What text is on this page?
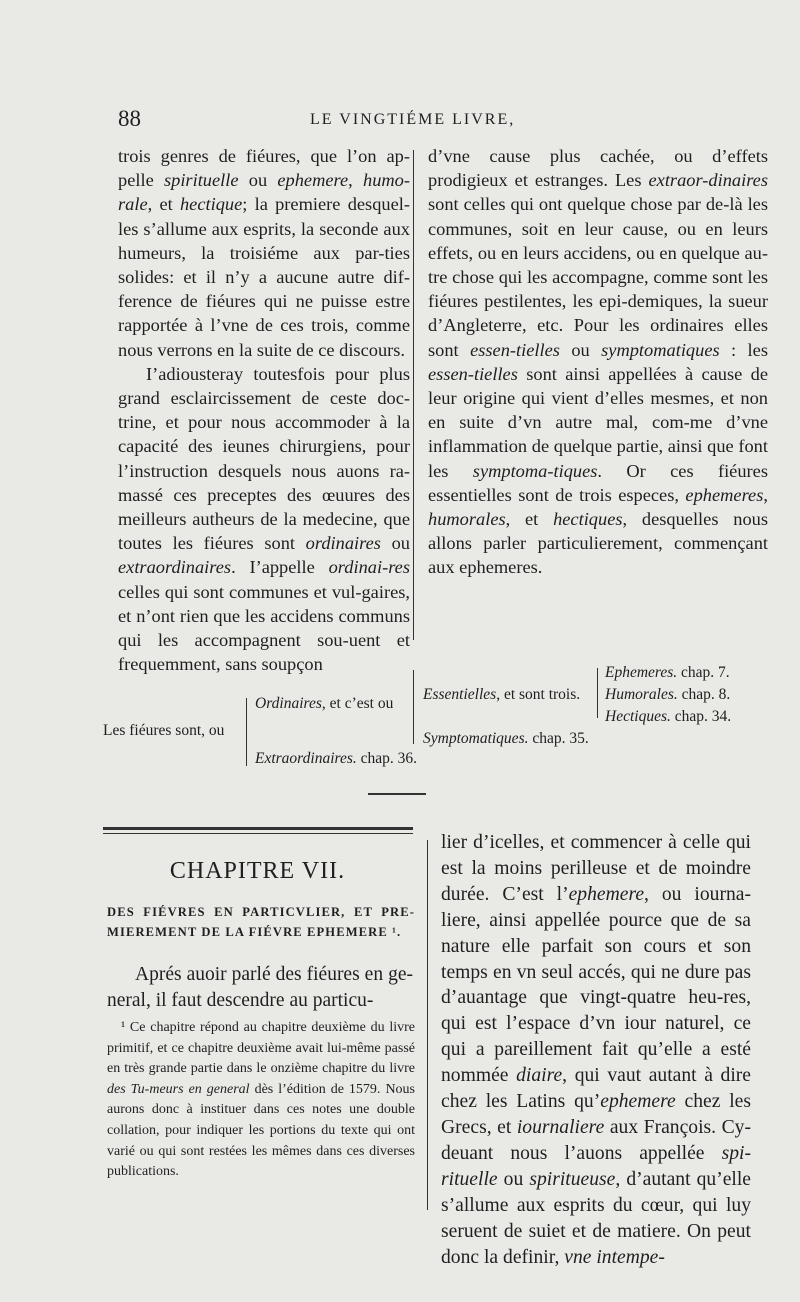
88	LE VINGTIÉME LIVRE,

trois genres de fiéures, que l’on ap-pelle spirituelle ou ephemere, humo-rale, et hectique; la premiere desquel-les s’allume aux esprits, la seconde aux humeurs, la troisiéme aux par-ties solides: et il n’y a aucune autre dif-ference de fiéures qui ne puisse estre rapportée à l’vne de ces trois, comme nous verrons en la suite de ce discours.

I’adiousteray toutesfois pour plus grand esclaircissement de ceste doc-trine, et pour nous accommoder à la capacité des ieunes chirurgiens, pour l’instruction desquels nous auons ra-massé ces preceptes des œuures des meilleurs autheurs de la medecine, que toutes les fiéures sont ordinaires ou extraordinaires. I’appelle ordinai-res celles qui sont communes et vul-gaires, et n’ont rien que les accidens communs qui les accompagnent sou-uent et frequemment, sans soupçon

d’vne cause plus cachée, ou d’effets prodigieux et estranges. Les extraor-dinaires sont celles qui ont quelque chose par de-là les communes, soit en leur cause, ou en leurs effets, ou en leurs accidens, ou en quelque au-tre chose qui les accompagne, comme sont les fiéures pestilentes, les epi-demiques, la sueur d’Angleterre, etc. Pour les ordinaires elles sont essen-tielles ou symptomatiques : les essen-tielles sont ainsi appellées à cause de leur origine qui vient d’elles mesmes, et non en suite d’vn autre mal, com-me d’vne inflammation de quelque partie, ainsi que font les symptoma-tiques. Or ces fiéures essentielles sont de trois especes, ephemeres, humorales, et hectiques, desquelles nous allons parler particulierement, commençant aux ephemeres.

Les fiéures sont, ou
Ordinaires, et c’est ou
Essentielles, et sont trois.
Ephemeres. chap. 7.
Humorales. chap. 8.
Hectiques. chap. 34.
Symptomatiques. chap. 35.
Extraordinaires. chap. 36.
CHAPITRE VII.
DES FIÉVRES EN PARTICVLIER, ET PRE-MIEREMENT DE LA FIÉVRE EPHEMERE ¹.

Aprés auoir parlé des fiéures en ge-neral, il faut descendre au particu-

¹ Ce chapitre répond au chapitre deuxième du livre primitif, et ce chapitre deuxième avait lui-même passé en très grande partie dans le onzième chapitre du livre des Tu-meurs en general dès l’édition de 1579. Nous aurons donc à instituer dans ces notes une double collation, pour indiquer les portions du texte qui ont varié ou qui sont restées les mêmes dans ces diverses publications.

lier d’icelles, et commencer à celle qui est la moins perilleuse et de moindre durée. C’est l’ephemere, ou iourna-liere, ainsi appellée pource que de sa nature elle parfait son cours et son temps en vn seul accés, qui ne dure pas d’auantage que vingt-quatre heu-res, qui est l’espace d’vn iour naturel, ce qui a pareillement fait qu’elle a esté nommée diaire, qui vaut autant à dire chez les Latins qu’ephemere chez les Grecs, et iournaliere aux François. Cy-deuant nous l’auons appellée spi-rituelle ou spiritueuse, d’autant qu’elle s’allume aux esprits du cœur, qui luy seruent de suiet et de matiere. On peut donc la definir, vne intempe-
